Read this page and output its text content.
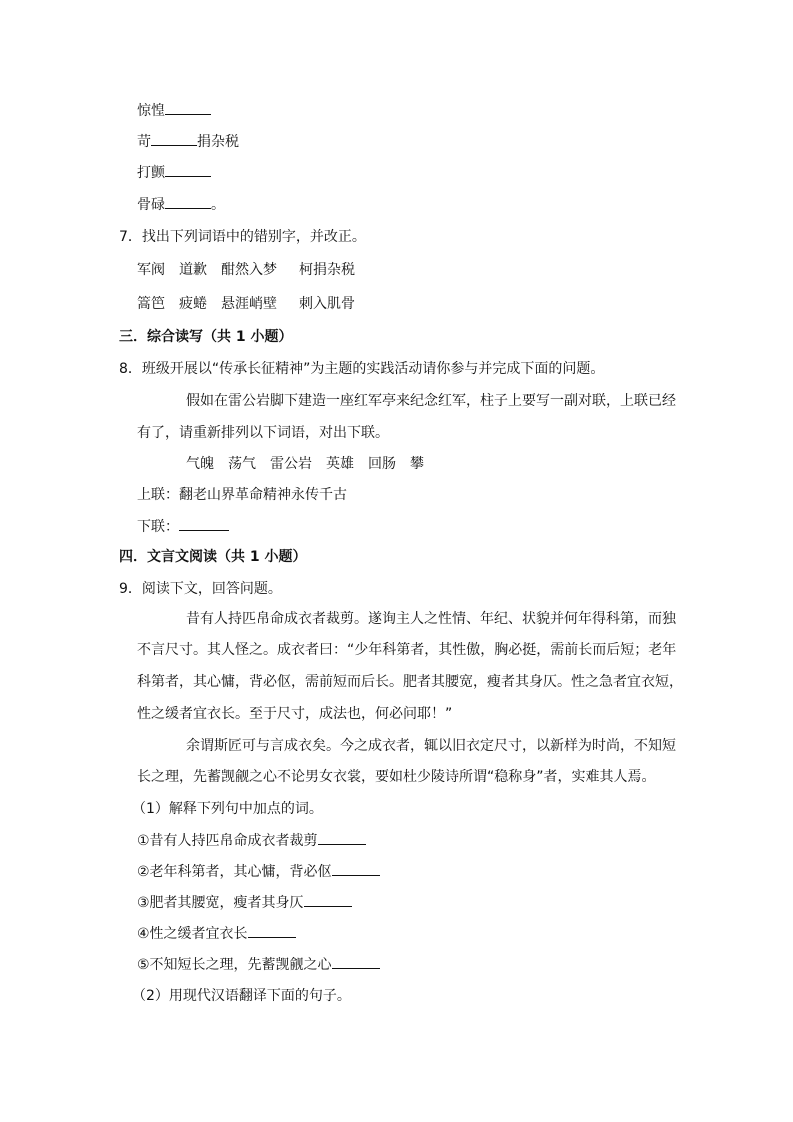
惊惶
苛	捐杂税
打颤
骨碌	。
7．找出下列词语中的错别字，并改正。
军阀 道歉 酣然入梦 柯捐杂税
篙笆 疲蜷 悬涯峭壁 刺入肌骨
三．综合读写（共 1 小题）
8．班级开展以“传承长征精神”为主题的实践活动请你参与并完成下面的问题。
假如在雷公岩脚下建造一座红军亭来纪念红军，柱子上要写一副对联，上联已经
有了，请重新排列以下词语，对出下联。
气魄 荡气 雷公岩 英雄 回肠 攀
上联：翻老山界革命精神永传千古
下联：
四．文言文阅读（共 1 小题）
9．阅读下文，回答问题。
昔有人持匹帛命成衣者裁剪。遂询主人之性情、年纪、状貌并何年得科第，而独
不言尺寸。其人怪之。成衣者曰：“少年科第者，其性傲，胸必挺，需前长而后短；老年
科第者，其心慵，背必伛，需前短而后长。肥者其腰宽，瘦者其身仄。性之急者宜衣短，
性之缓者宜衣长。至于尺寸，成法也，何必问耶！”
余谓斯匠可与言成衣矣。今之成衣者，辄以旧衣定尺寸，以新样为时尚，不知短
长之理，先蓄觊觎之心不论男女衣裳，要如杜少陵诗所谓“稳称身”者，实难其人焉。
（1）解释下列句中加点的词。
①昔有人持匹帛命成衣者裁剪
②老年科第者，其心慵，背必伛
③肥者其腰宽，瘦者其身仄
④性之缓者宜衣长
⑤不知短长之理，先蓄觊觎之心
（2）用现代汉语翻译下面的句子。
